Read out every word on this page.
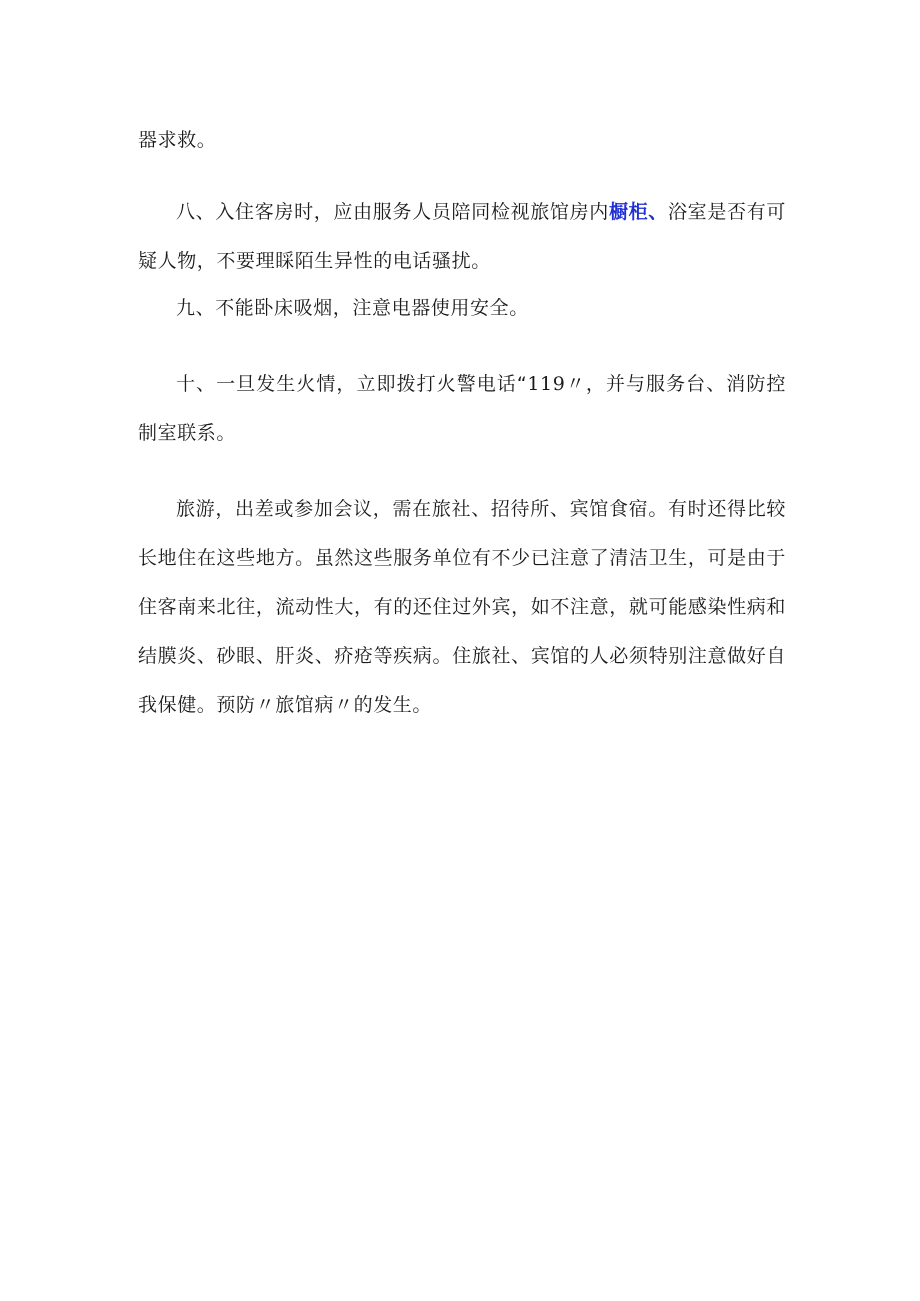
器求救。

八、入住客房时，应由服务人员陪同检视旅馆房内橱柜、浴室是否有可疑人物，不要理睬陌生异性的电话骚扰。

九、不能卧床吸烟，注意电器使用安全。

十、一旦发生火情，立即拨打火警电话“119〃，并与服务台、消防控制室联系。

旅游，出差或参加会议，需在旅社、招待所、宾馆食宿。有时还得比较长地住在这些地方。虽然这些服务单位有不少已注意了清洁卫生，可是由于住客南来北往，流动性大，有的还住过外宾，如不注意，就可能感染性病和结膜炎、砂眼、肝炎、疥疮等疾病。住旅社、宾馆的人必须特别注意做好自我保健。预防〃旅馆病〃的发生。
